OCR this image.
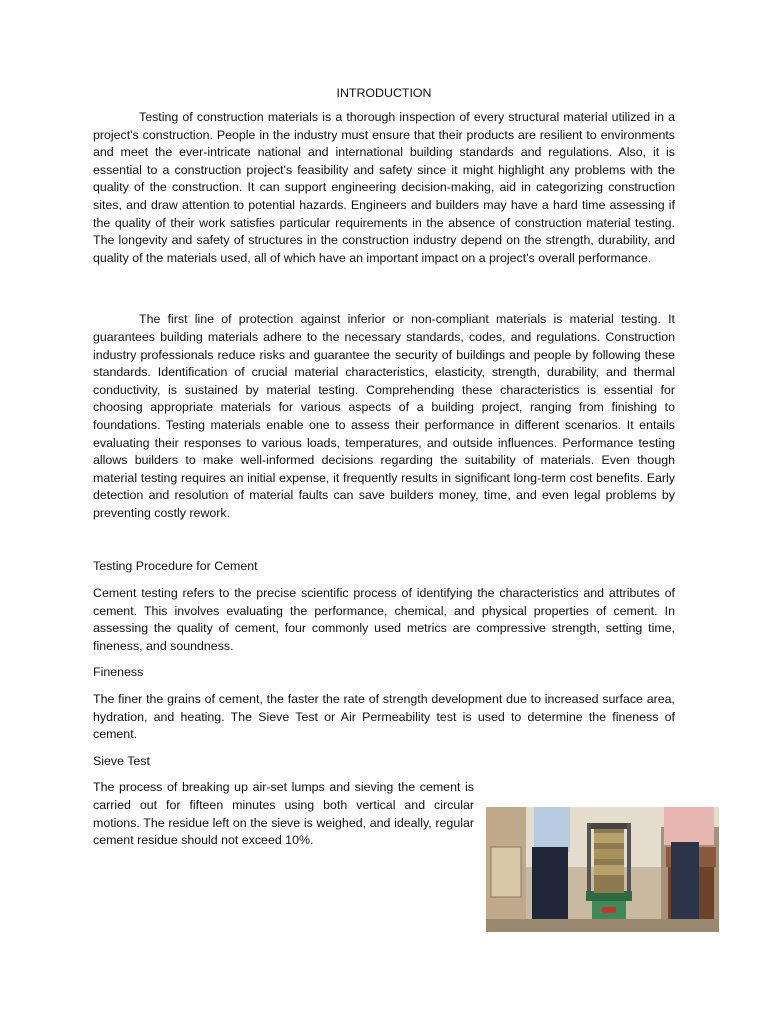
INTRODUCTION

Testing of construction materials is a thorough inspection of every structural material utilized in a project's construction. People in the industry must ensure that their products are resilient to environments and meet the ever-intricate national and international building standards and regulations. Also, it is essential to a construction project's feasibility and safety since it might highlight any problems with the quality of the construction. It can support engineering decision-making, aid in categorizing construction sites, and draw attention to potential hazards. Engineers and builders may have a hard time assessing if the quality of their work satisfies particular requirements in the absence of construction material testing. The longevity and safety of structures in the construction industry depend on the strength, durability, and quality of the materials used, all of which have an important impact on a project's overall performance.

The first line of protection against inferior or non-compliant materials is material testing. It guarantees building materials adhere to the necessary standards, codes, and regulations. Construction industry professionals reduce risks and guarantee the security of buildings and people by following these standards. Identification of crucial material characteristics, elasticity, strength, durability, and thermal conductivity, is sustained by material testing. Comprehending these characteristics is essential for choosing appropriate materials for various aspects of a building project, ranging from finishing to foundations. Testing materials enable one to assess their performance in different scenarios. It entails evaluating their responses to various loads, temperatures, and outside influences. Performance testing allows builders to make well-informed decisions regarding the suitability of materials. Even though material testing requires an initial expense, it frequently results in significant long-term cost benefits. Early detection and resolution of material faults can save builders money, time, and even legal problems by preventing costly rework.

Testing Procedure for Cement

Cement testing refers to the precise scientific process of identifying the characteristics and attributes of cement. This involves evaluating the performance, chemical, and physical properties of cement. In assessing the quality of cement, four commonly used metrics are compressive strength, setting time, fineness, and soundness.

Fineness

The finer the grains of cement, the faster the rate of strength development due to increased surface area, hydration, and heating. The Sieve Test or Air Permeability test is used to determine the fineness of cement.

Sieve Test

The process of breaking up air-set lumps and sieving the cement is carried out for fifteen minutes using both vertical and circular motions. The residue left on the sieve is weighed, and ideally, regular cement residue should not exceed 10%.
